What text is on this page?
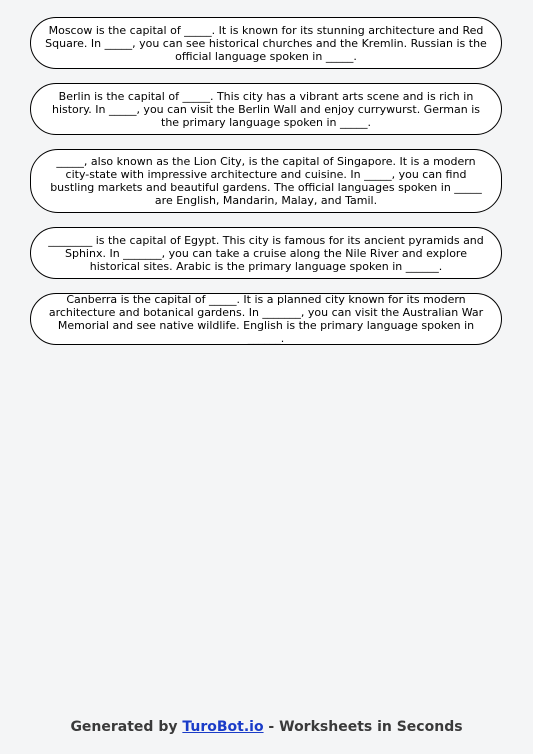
Moscow is the capital of _____. It is known for its stunning architecture and Red Square. In _____, you can see historical churches and the Kremlin. Russian is the official language spoken in _____.
Berlin is the capital of _____. This city has a vibrant arts scene and is rich in history. In _____, you can visit the Berlin Wall and enjoy currywurst. German is the primary language spoken in _____.
_____, also known as the Lion City, is the capital of Singapore. It is a modern city-state with impressive architecture and cuisine. In _____, you can find bustling markets and beautiful gardens. The official languages spoken in _____ are English, Mandarin, Malay, and Tamil.
________ is the capital of Egypt. This city is famous for its ancient pyramids and Sphinx. In _______, you can take a cruise along the Nile River and explore historical sites. Arabic is the primary language spoken in ______.
Canberra is the capital of _____. It is a planned city known for its modern architecture and botanical gardens. In _______, you can visit the Australian War Memorial and see native wildlife. English is the primary language spoken in ______.
Generated by TuroBot.io - Worksheets in Seconds
